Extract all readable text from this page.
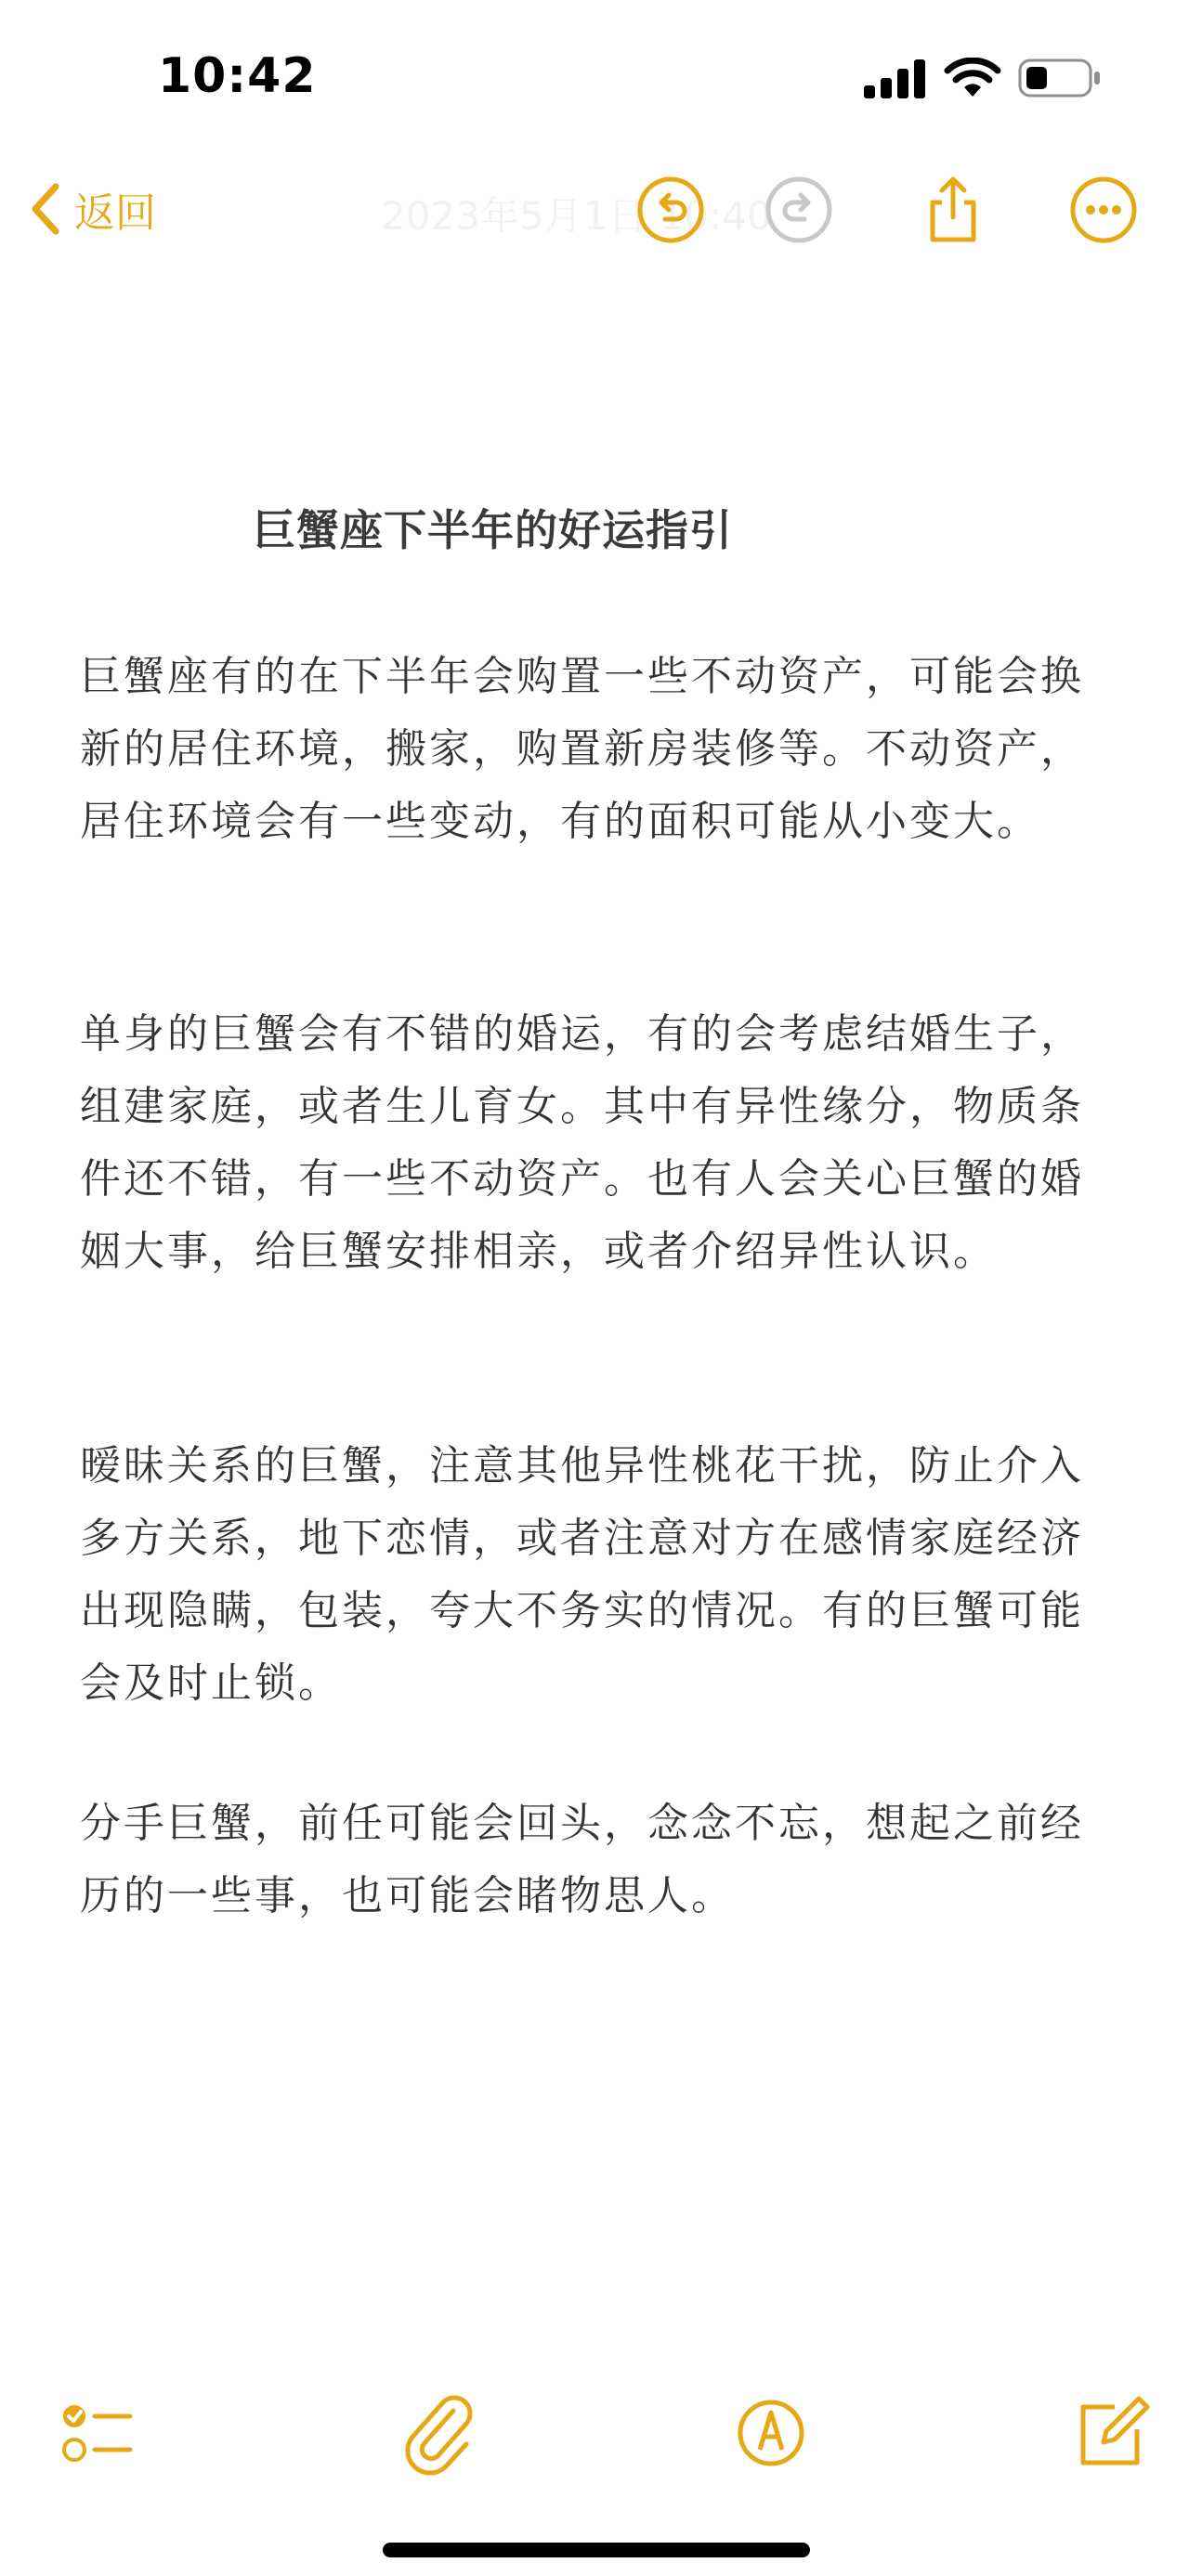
10:42
返回	2023年5月1日 10:40
巨蟹座下半年的好运指引

巨蟹座有的在下半年会购置一些不动资产，可能会换新的居住环境，搬家，购置新房装修等。不动资产，居住环境会有一些变动，有的面积可能从小变大。

单身的巨蟹会有不错的婚运，有的会考虑结婚生子，组建家庭，或者生儿育女。其中有异性缘分，物质条件还不错，有一些不动资产。也有人会关心巨蟹的婚姻大事，给巨蟹安排相亲，或者介绍异性认识。

暧昧关系的巨蟹，注意其他异性桃花干扰，防止介入多方关系，地下恋情，或者注意对方在感情家庭经济出现隐瞒，包装，夸大不务实的情况。有的巨蟹可能会及时止锁。

分手巨蟹，前任可能会回头，念念不忘，想起之前经历的一些事，也可能会睹物思人。
